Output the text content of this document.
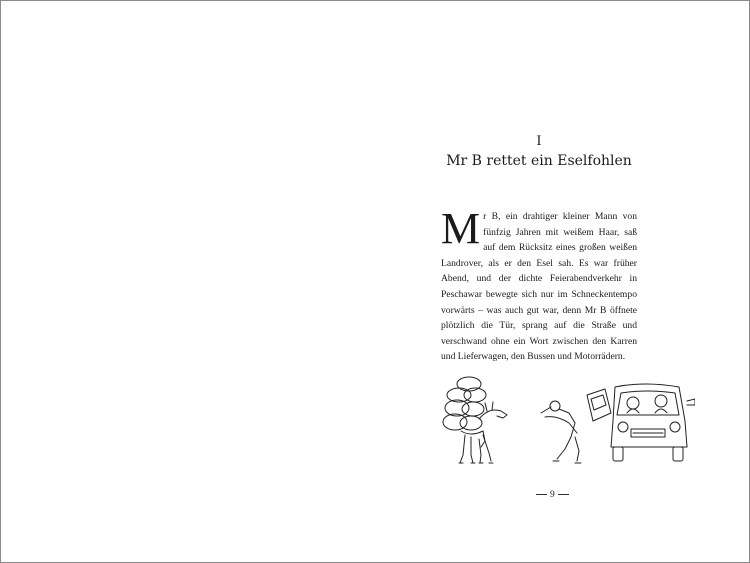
I
Mr B rettet ein Eselfohlen

Mr B, ein drahtiger kleiner Mann von fünfzig Jahren mit weißem Haar, saß auf dem Rücksitz eines großen weißen Landrover, als er den Esel sah. Es war früher Abend, und der dichte Feierabendverkehr in Peschawar bewegte sich nur im Schneckentempo vorwärts – was auch gut war, denn Mr B öffnete plötzlich die Tür, sprang auf die Straße und verschwand ohne ein Wort zwischen den Karren und Lieferwagen, den Bussen und Motorrädern.

9
